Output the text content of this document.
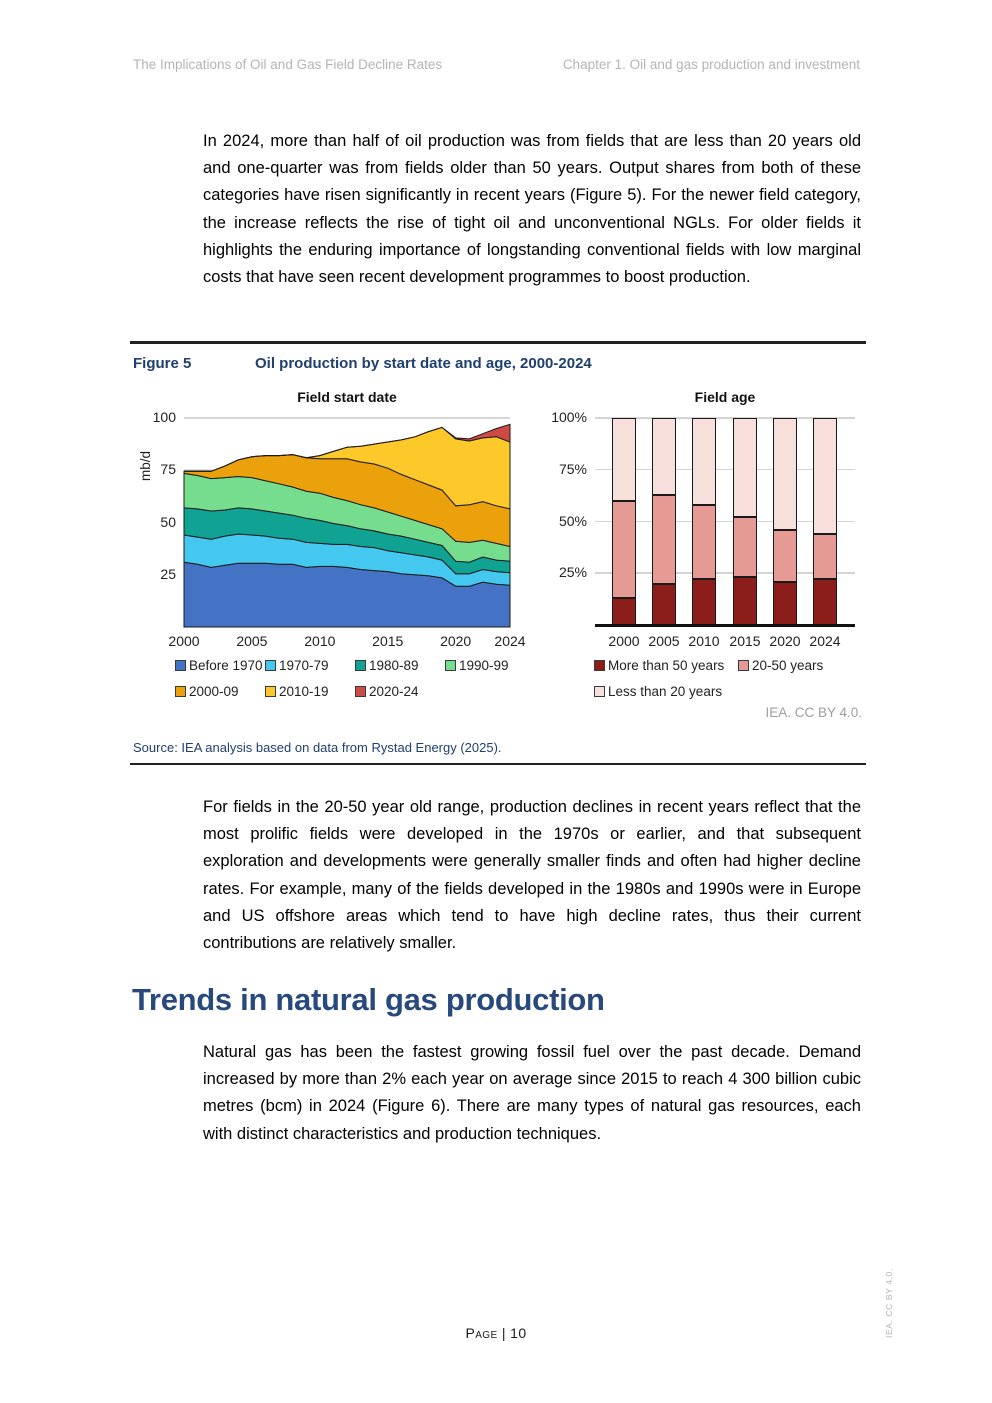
The Implications of Oil and Gas Field Decline Rates	Chapter 1. Oil and gas production and investment

In 2024, more than half of oil production was from fields that are less than 20 years old and one-quarter was from fields older than 50 years. Output shares from both of these categories have risen significantly in recent years (Figure 5). For the newer field category, the increase reflects the rise of tight oil and unconventional NGLs. For older fields it highlights the enduring importance of longstanding conventional fields with low marginal costs that have seen recent development programmes to boost production.

Figure 5	Oil production by start date and age, 2000-2024
Field start date
mb/d
25
50
75
100
2000	2005	2010	2015	2020	2024
Before 1970 1970-79	1980-89	1990-99
2000-09	2010-19	2020-24
Field age
25%
50%
75%
100%
2000 2005 2010 2015 2020 2024
More than 50 years 20-50 years
Less than 20 years
IEA. CC BY 4.0.
Source: IEA analysis based on data from Rystad Energy (2025).

For fields in the 20-50 year old range, production declines in recent years reflect that the most prolific fields were developed in the 1970s or earlier, and that subsequent exploration and developments were generally smaller finds and often had higher decline rates. For example, many of the fields developed in the 1980s and 1990s were in Europe and US offshore areas which tend to have high decline rates, thus their current contributions are relatively smaller.

Trends in natural gas production

Natural gas has been the fastest growing fossil fuel over the past decade. Demand increased by more than 2% each year on average since 2015 to reach 4 300 billion cubic metres (bcm) in 2024 (Figure 6). There are many types of natural gas resources, each with distinct characteristics and production techniques.

Page | 10	IEA. CC BY 4.0.
